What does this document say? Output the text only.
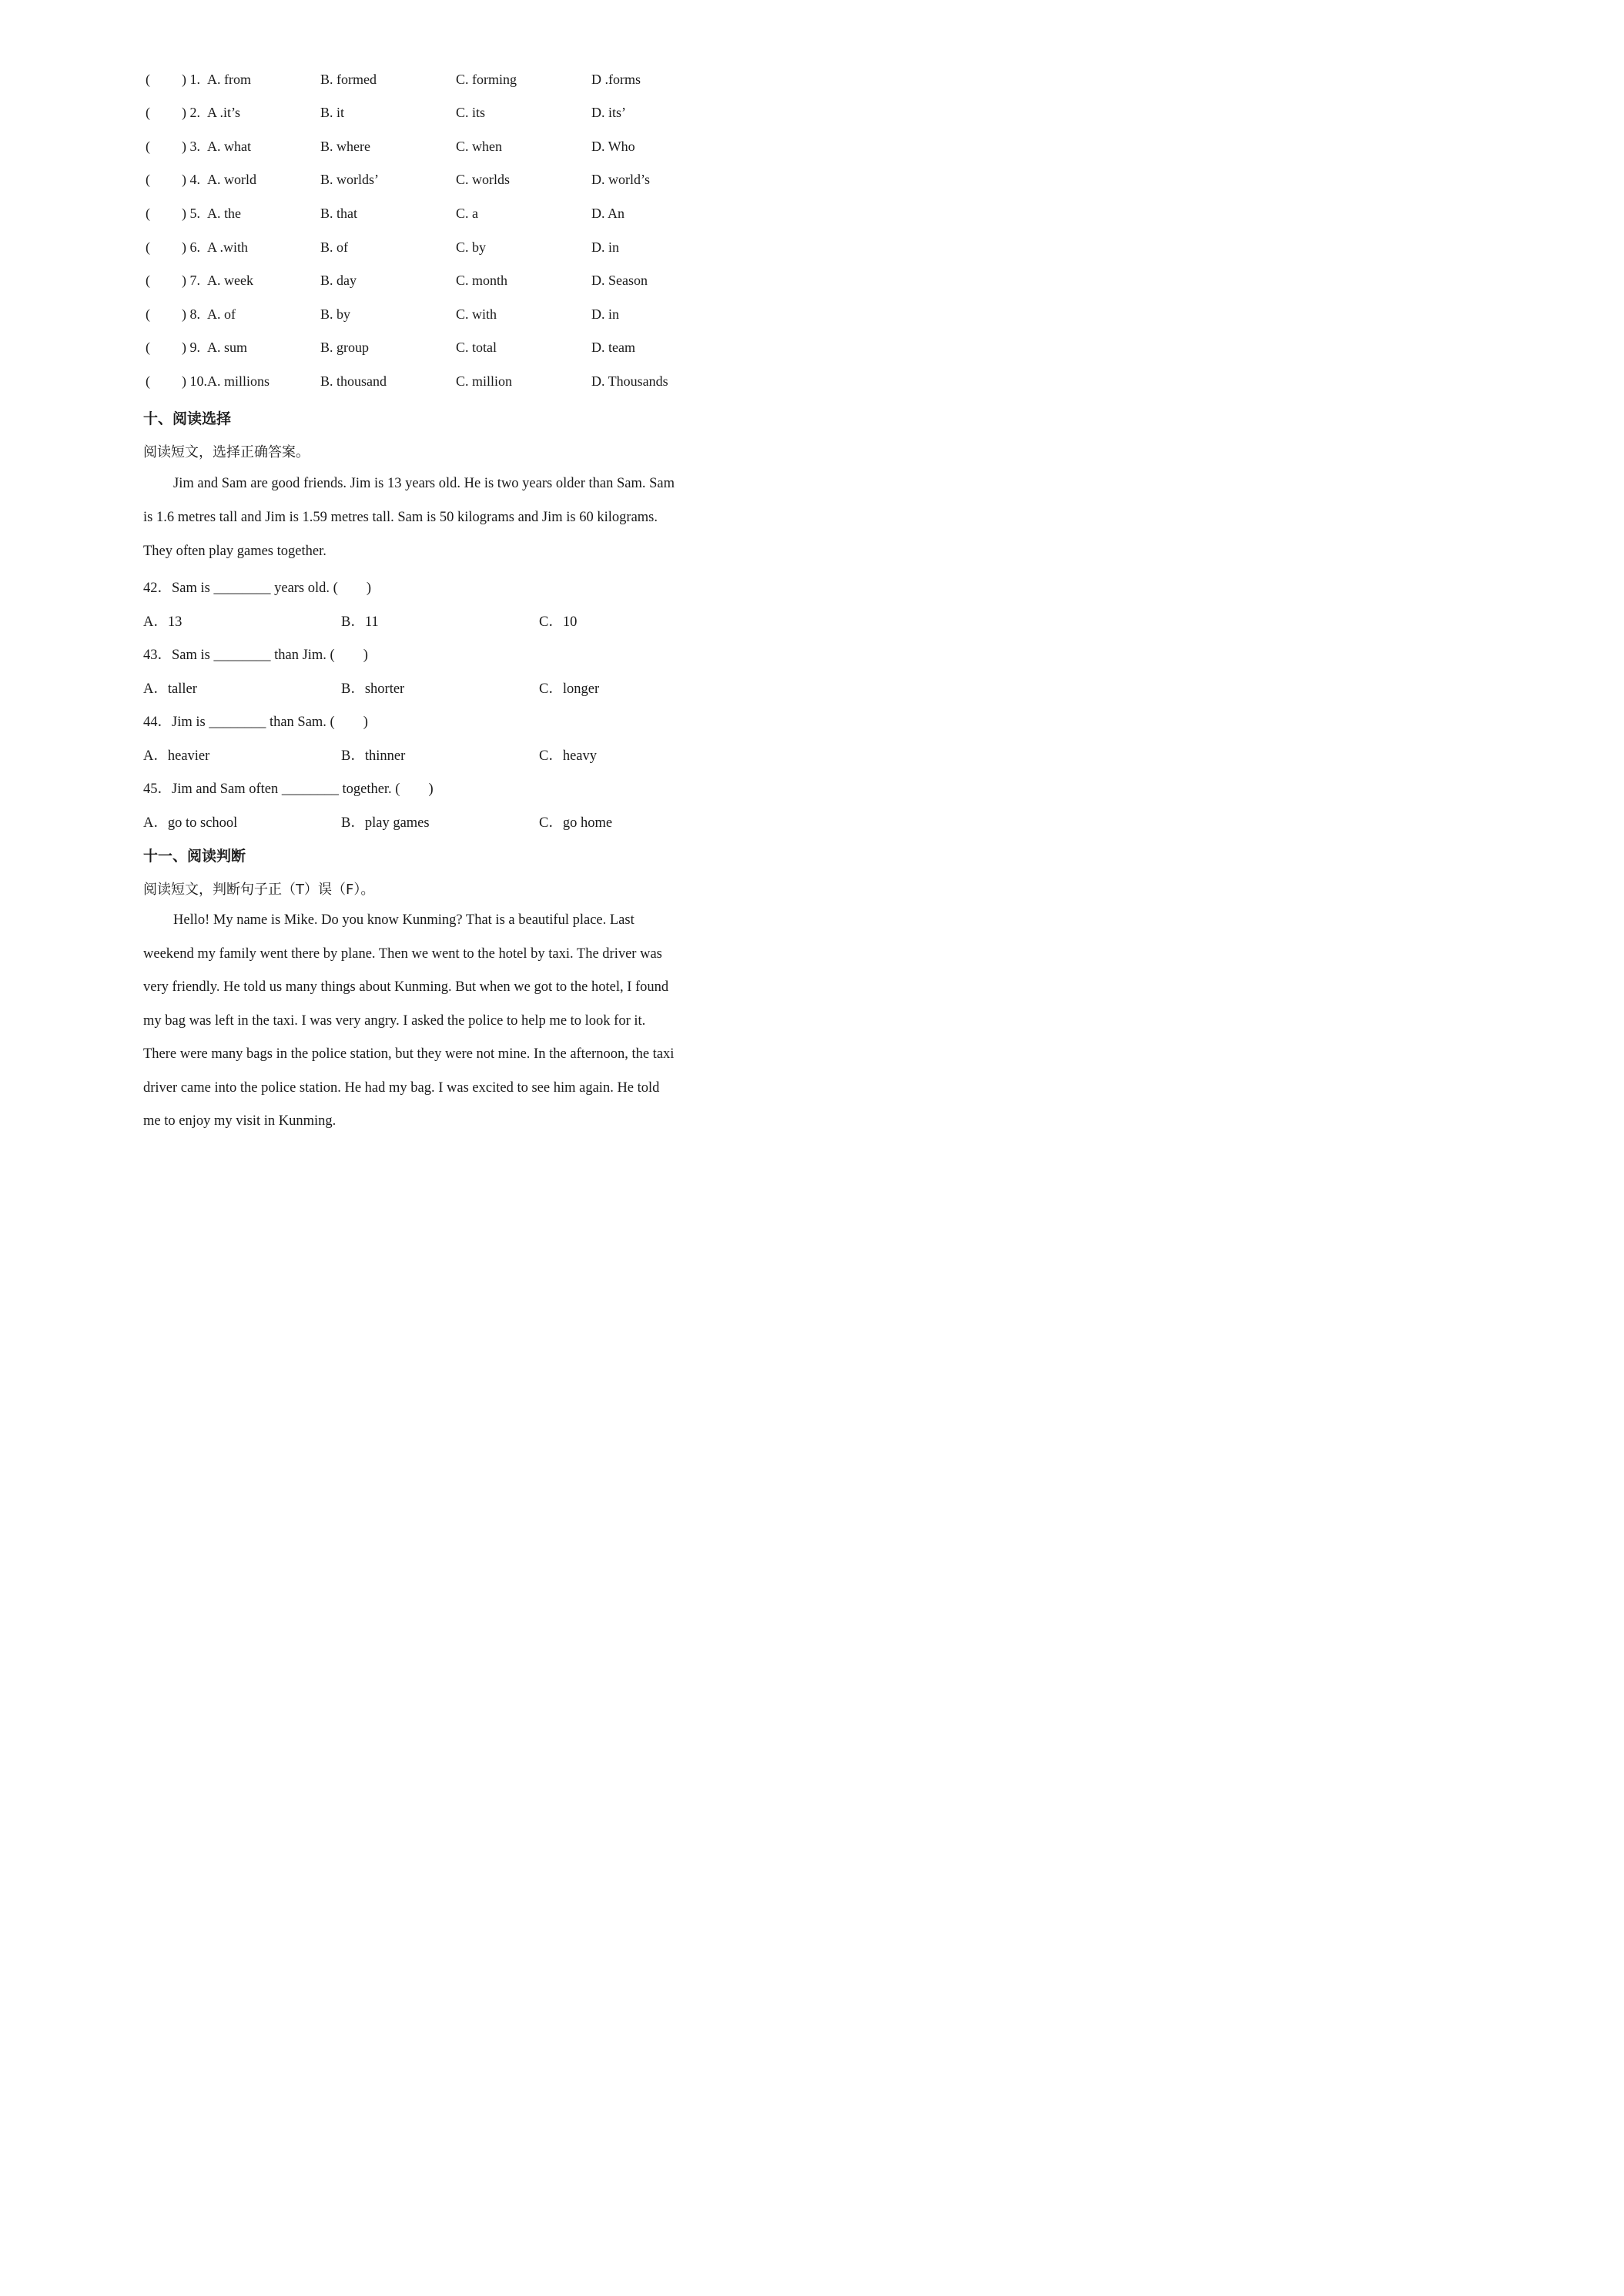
( ) 1. A. from	B. formed	C. forming	D .forms
( ) 2. A .it’s	B. it	C. its	D. its’
( ) 3. A. what	B. where	C. when	D. Who
( ) 4. A. world	B. worlds’	C. worlds	D. world’s
( ) 5. A. the	B. that	C. a	D. An
( ) 6. A .with	B. of	C. by	D. in
( ) 7. A. week	B. day	C. month	D. Season
( ) 8. A. of	B. by	C. with	D. in
( ) 9. A. sum	B. group	C. total	D. team
( ) 10. A. millions	B. thousand	C. million	D. Thousands
十、阅读选择
阅读短文，选择正确答案。
Jim and Sam are good friends. Jim is 13 years old. He is two years older than Sam. Sam
is 1.6 metres tall and Jim is 1.59 metres tall. Sam is 50 kilograms and Jim is 60 kilograms.
They often play games together.
42．Sam is ________ years old. (　　)
A．13	B．11	C．10
43．Sam is ________ than Jim. (　　)
A．taller	B．shorter	C．longer
44．Jim is ________ than Sam. (　　)
A．heavier	B．thinner	C．heavy
45．Jim and Sam often ________ together. (　　)
A．go to school	B．play games	C．go home
十一、阅读判断
阅读短文，判断句子正（T）误（F）。
Hello! My name is Mike. Do you know Kunming? That is a beautiful place. Last
weekend my family went there by plane. Then we went to the hotel by taxi. The driver was
very friendly. He told us many things about Kunming. But when we got to the hotel, I found
my bag was left in the taxi. I was very angry. I asked the police to help me to look for it.
There were many bags in the police station, but they were not mine. In the afternoon, the taxi
driver came into the police station. He had my bag. I was excited to see him again. He told
me to enjoy my visit in Kunming.
